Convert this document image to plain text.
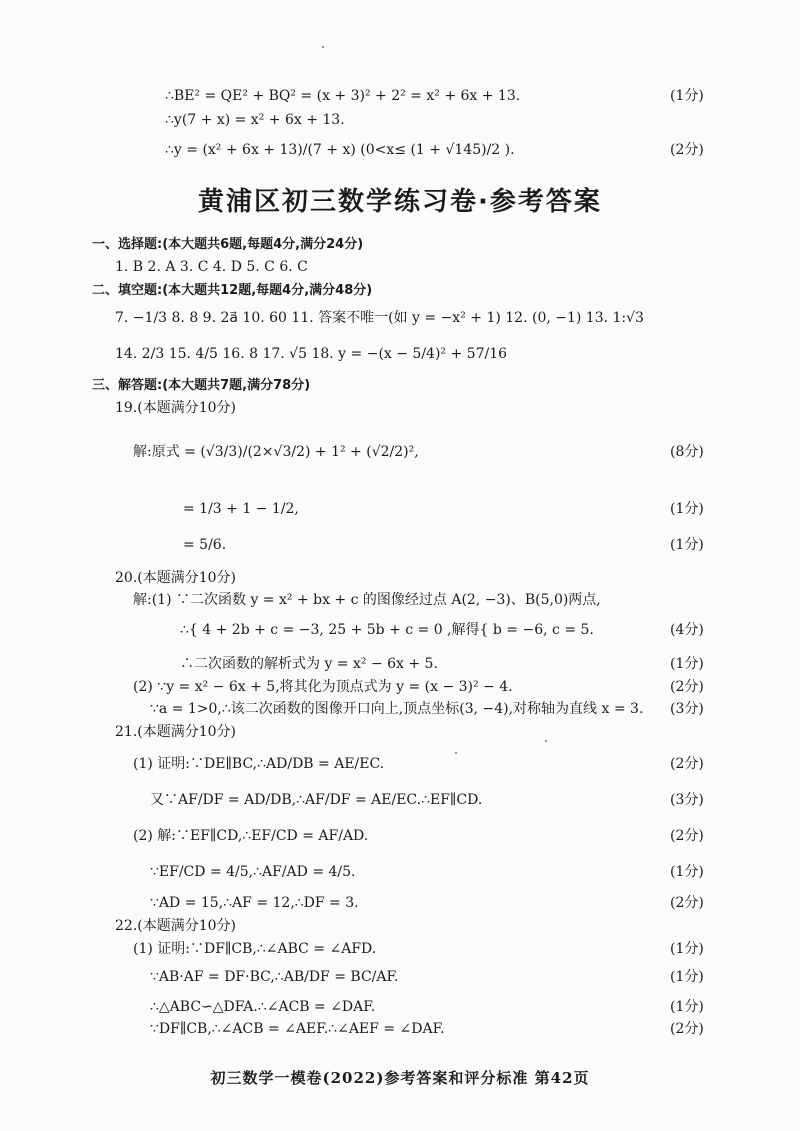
∴BE² = QE² + BQ² = (x + 3)² + 2² = x² + 6x + 13.	(1分)
∴y(7 + x) = x² + 6x + 13.
∴y = (x² + 6x + 13)/(7 + x) (0<x≤ (1 + √145)/2 ).	(2分)
黄浦区初三数学练习卷·参考答案
一、选择题:(本大题共6题,每题4分,满分24分)
1. B 2. A 3. C 4. D 5. C 6. C
二、填空题:(本大题共12题,每题4分,满分48分)
7. −1/3 8. 8 9. 2a⃗ 10. 60 11. 答案不唯一(如 y = −x² + 1) 12. (0, −1) 13. 1:√3
14. 2/3 15. 4/5 16. 8 17. √5 18. y = −(x − 5/4)² + 57/16
三、解答题:(本大题共7题,满分78分)
19.(本题满分10分)
解:原式 = (√3/3)/(2×√3/2) + 1² + (√2/2)²,	(8分)
= 1/3 + 1 − 1/2,	(1分)
= 5/6.	(1分)
20.(本题满分10分)
解:(1) ∵二次函数 y = x² + bx + c 的图像经过点 A(2, −3)、B(5,0)两点,
∴{ 4 + 2b + c = −3, 25 + 5b + c = 0 ,解得{ b = −6, c = 5.	(4分)
∴二次函数的解析式为 y = x² − 6x + 5.	(1分)
(2) ∵y = x² − 6x + 5,将其化为顶点式为 y = (x − 3)² − 4.	(2分)
∵a = 1>0,∴该二次函数的图像开口向上,顶点坐标(3, −4),对称轴为直线 x = 3. (3分)
21.(本题满分10分)
(1) 证明:∵DE∥BC,∴AD/DB = AE/EC.	(2分)
又∵AF/DF = AD/DB,∴AF/DF = AE/EC.∴EF∥CD.	(3分)
(2) 解:∵EF∥CD,∴EF/CD = AF/AD.	(2分)
∵EF/CD = 4/5,∴AF/AD = 4/5.	(1分)
∵AD = 15,∴AF = 12,∴DF = 3.	(2分)
22.(本题满分10分)
(1) 证明:∵DF∥CB,∴∠ABC = ∠AFD.	(1分)
∵AB·AF = DF·BC,∴AB/DF = BC/AF.	(1分)
∴△ABC∽△DFA.∴∠ACB = ∠DAF.	(1分)
∵DF∥CB,∴∠ACB = ∠AEF.∴∠AEF = ∠DAF.	(2分)
初三数学一模卷(2022)参考答案和评分标准 第42页
